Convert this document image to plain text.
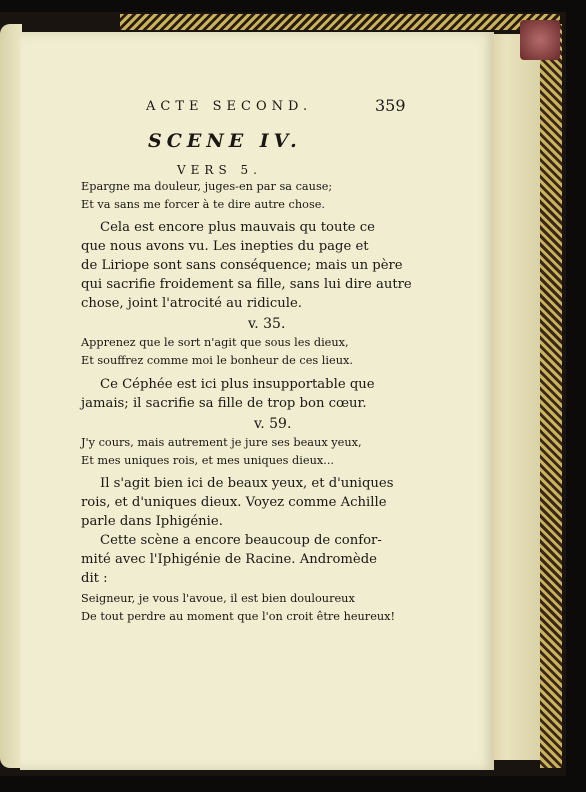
ACTE SECOND.	359
SCENE IV.
VERS 5.
Epargne ma douleur, juges-en par sa cause;
Et va sans me forcer à te dire autre chose.
Cela est encore plus mauvais qu toute ce
que nous avons vu. Les inepties du page et
de Liriope sont sans conséquence; mais un père
qui sacrifie froidement sa fille, sans lui dire autre
chose, joint l'atrocité au ridicule.
v. 35.
Apprenez que le sort n'agit que sous les dieux,
Et souffrez comme moi le bonheur de ces lieux.
Ce Céphée est ici plus insupportable que
jamais; il sacrifie sa fille de trop bon cœur.
v. 59.
J'y cours, mais autrement je jure ses beaux yeux,
Et mes uniques rois, et mes uniques dieux...
Il s'agit bien ici de beaux yeux, et d'uniques
rois, et d'uniques dieux. Voyez comme Achille
parle dans Iphigénie.
Cette scène a encore beaucoup de confor-
mité avec l'Iphigénie de Racine. Andromède
dit :
Seigneur, je vous l'avoue, il est bien douloureux
De tout perdre au moment que l'on croit être heureux!
